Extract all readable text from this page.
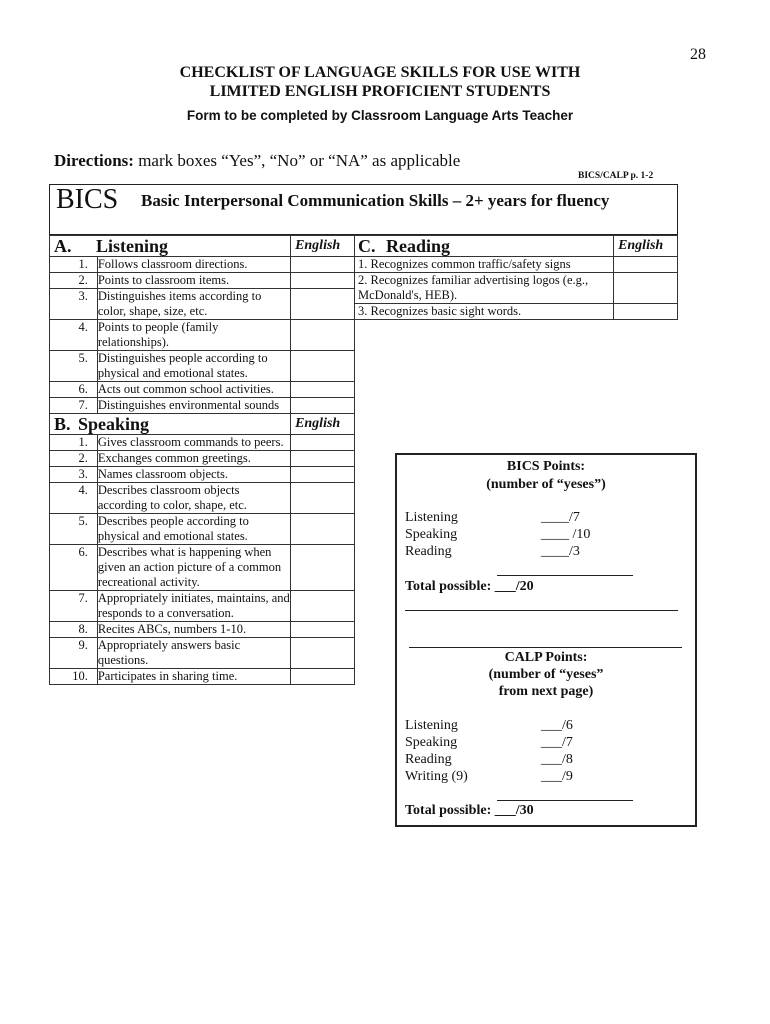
28
CHECKLIST OF LANGUAGE SKILLS FOR USE WITH
LIMITED ENGLISH PROFICIENT STUDENTS
Form to be completed by Classroom Language Arts Teacher
Directions: mark boxes “Yes”, “No” or “NA” as applicable
BICS/CALP p. 1-2
BICS Basic Interpersonal Communication Skills – 2+ years for fluency
A. Listening		English
1.	Follows classroom directions.	
2.	Points to classroom items.	
3.	Distinguishes items according to color, shape, size, etc.	
4.	Points to people (family relationships).	
5.	Distinguishes people according to physical and emotional states.	
6.	Acts out common school activities.	
7.	Distinguishes environmental sounds	
B. Speaking		English
1.	Gives classroom commands to peers.	
2.	Exchanges common greetings.	
3.	Names classroom objects.	
4.	Describes classroom objects according to color, shape, etc.	
5.	Describes people according to physical and emotional states.	
6.	Describes what is happening when given an action picture of a common recreational activity.	
7.	Appropriately initiates, maintains, and responds to a conversation.	
8.	Recites ABCs, numbers 1-10.	
9.	Appropriately answers basic questions.	
10.	Participates in sharing time.	
C. Reading	English
1. Recognizes common traffic/safety signs	
2. Recognizes familiar advertising logos (e.g., McDonald's, HEB).	
3. Recognizes basic sight words.	
BICS Points:
(number of “yeses”)
Listening	____/7
Speaking	____ /10
Reading	____/3
Total possible: ___/20
CALP Points:
(number of “yeses”
from next page)
Listening	___/6
Speaking	___/7
Reading	___/8
Writing (9)	___/9
Total possible: ___/30
